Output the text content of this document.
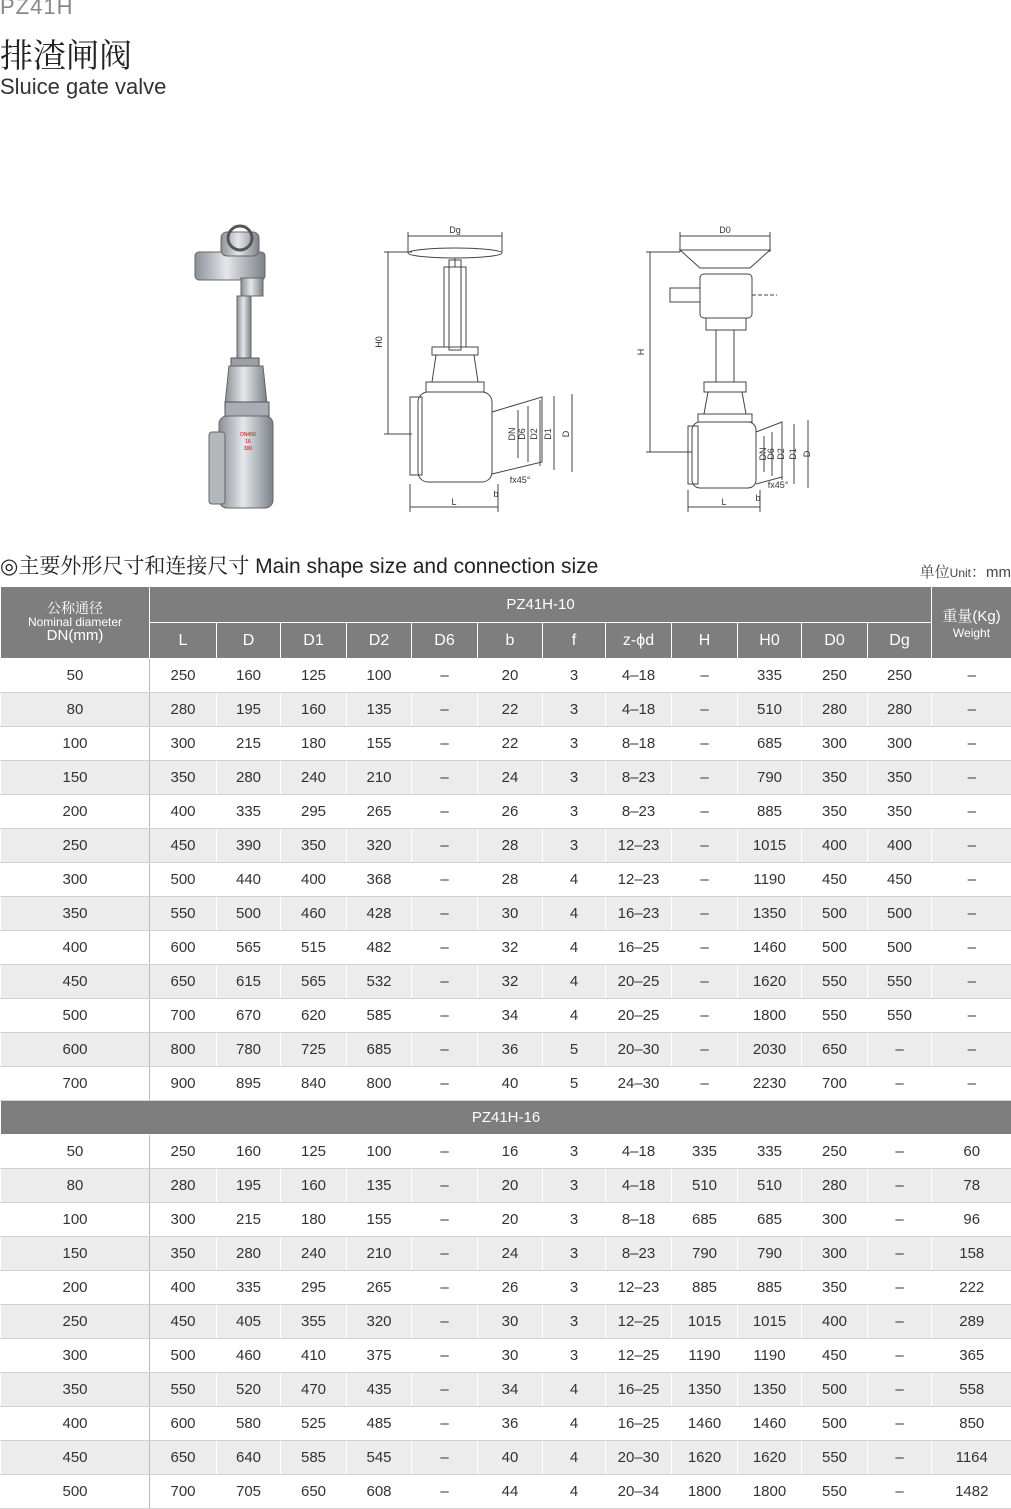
PZ41H
排渣闸阀
Sluice gate valve
DN450
16
300
Dg
H0
DN D6 D2 D1 D
fx45°
L
b
D0
H
DN
D6 D2 D1 D
fx45°
L	b
◎主要外形尺寸和连接尺寸 Main shape size and connection size	单位Unit：mm
公称通径
Nominal diameter
DN(mm)	PZ41H-10												重量(Kg)
Weight

	L	D	D1	D2	D6	b	f	z-ϕd	H	H0	D0	Dg	
50	250	160	125	100	–	20	3	4–18	–	335	250	250	–
80	280	195	160	135	–	22	3	4–18	–	510	280	280	–
100	300	215	180	155	–	22	3	8–18	–	685	300	300	–
150	350	280	240	210	–	24	3	8–23	–	790	350	350	–
200	400	335	295	265	–	26	3	8–23	–	885	350	350	–
250	450	390	350	320	–	28	3	12–23	–	1015	400	400	–
300	500	440	400	368	–	28	4	12–23	–	1190	450	450	–
350	550	500	460	428	–	30	4	16–23	–	1350	500	500	–
400	600	565	515	482	–	32	4	16–25	–	1460	500	500	–
450	650	615	565	532	–	32	4	20–25	–	1620	550	550	–
500	700	670	620	585	–	34	4	20–25	–	1800	550	550	–
600	800	780	725	685	–	36	5	20–30	–	2030	650	–	–
700	900	895	840	800	–	40	5	24–30	–	2230	700	–	–
PZ41H-16													
50	250	160	125	100	–	16	3	4–18	335	335	250	–	60
80	280	195	160	135	–	20	3	4–18	510	510	280	–	78
100	300	215	180	155	–	20	3	8–18	685	685	300	–	96
150	350	280	240	210	–	24	3	8–23	790	790	300	–	158
200	400	335	295	265	–	26	3	12–23	885	885	350	–	222
250	450	405	355	320	–	30	3	12–25	1015	1015	400	–	289
300	500	460	410	375	–	30	3	12–25	1190	1190	450	–	365
350	550	520	470	435	–	34	4	16–25	1350	1350	500	–	558
400	600	580	525	485	–	36	4	16–25	1460	1460	500	–	850
450	650	640	585	545	–	40	4	20–30	1620	1620	550	–	1164
500	700	705	650	608	–	44	4	20–34	1800	1800	550	–	1482
